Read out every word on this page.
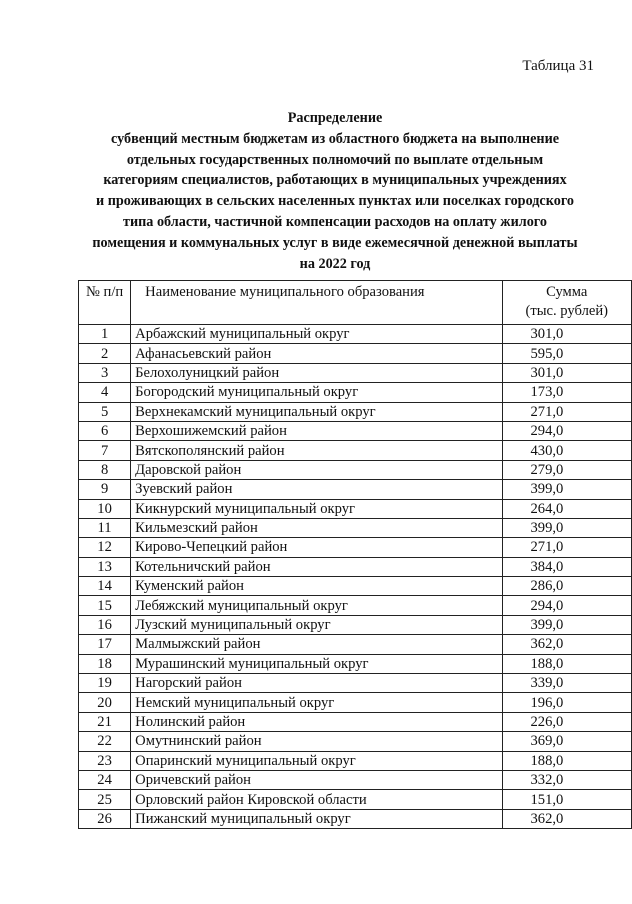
Таблица 31
Распределение
субвенций местным бюджетам из областного бюджета на выполнение
отдельных государственных полномочий по выплате отдельным
категориям специалистов, работающих в муниципальных учреждениях
и проживающих в сельских населенных пунктах или поселках городского
типа области, частичной компенсации расходов на оплату жилого
помещения и коммунальных услуг в виде ежемесячной денежной выплаты
на 2022 год
№ п/п	Наименование муниципального образования	Сумма
(тыс. рублей)

1	Арбажский муниципальный округ	301,0
2	Афанасьевский район	595,0
3	Белохолуницкий район	301,0
4	Богородский муниципальный округ	173,0
5	Верхнекамский муниципальный округ	271,0
6	Верхошижемский район	294,0
7	Вятскополянский район	430,0
8	Даровской район	279,0
9	Зуевский район	399,0
10	Кикнурский муниципальный округ	264,0
11	Кильмезский район	399,0
12	Кирово-Чепецкий район	271,0
13	Котельничский район	384,0
14	Куменский район	286,0
15	Лебяжский муниципальный округ	294,0
16	Лузский муниципальный округ	399,0
17	Малмыжский район	362,0
18	Мурашинский муниципальный округ	188,0
19	Нагорский район	339,0
20	Немский муниципальный округ	196,0
21	Нолинский район	226,0
22	Омутнинский район	369,0
23	Опаринский муниципальный округ	188,0
24	Оричевский район	332,0
25	Орловский район Кировской области	151,0
26	Пижанский муниципальный округ	362,0
